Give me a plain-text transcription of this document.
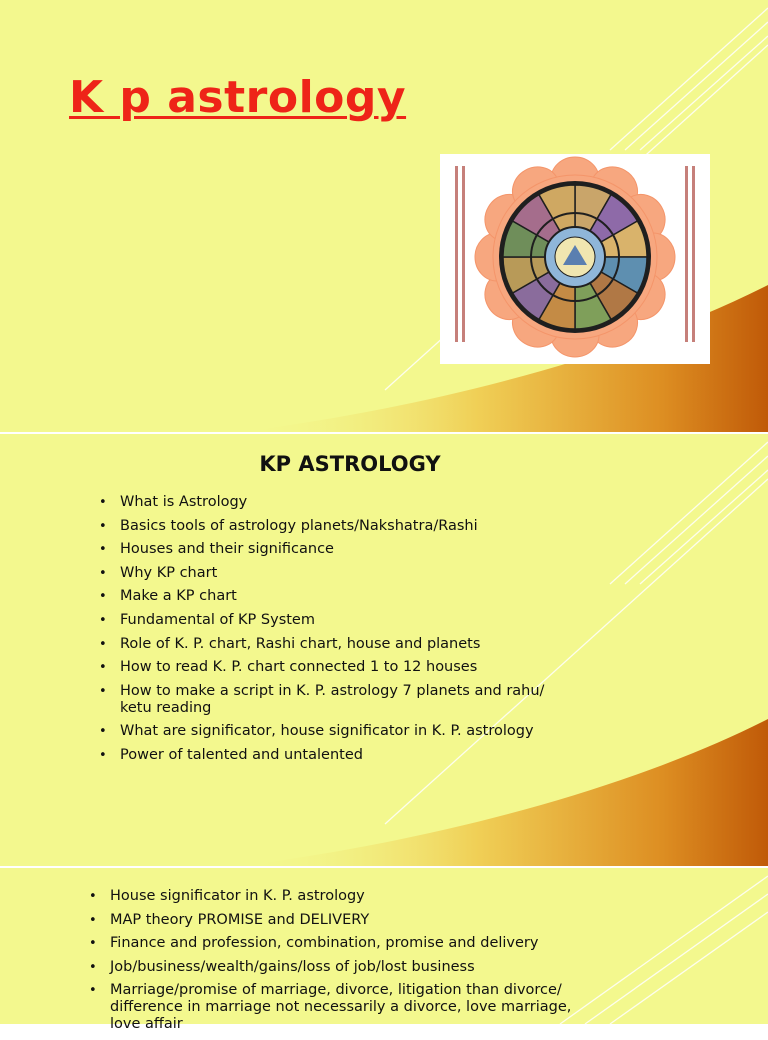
K p astrology
KP ASTROLOGY
• What is Astrology
• Basics tools of astrology planets/Nakshatra/Rashi
• Houses and their significance
• Why KP chart
• Make a KP chart
• Fundamental of KP System
• Role of K. P. chart, Rashi chart, house and planets
• How to read K. P. chart connected 1 to 12 houses
• How to make a script in K. P. astrology 7 planets and rahu/ ketu reading
• What are significator, house significator in K. P. astrology
• Power of talented and untalented
• House significator in K. P. astrology
• MAP theory PROMISE and DELIVERY
• Finance and profession, combination, promise and delivery
• Job/business/wealth/gains/loss of job/lost business
• Marriage/promise of marriage, divorce, litigation than divorce/ difference in marriage not necessarily a divorce, love marriage, love affair
